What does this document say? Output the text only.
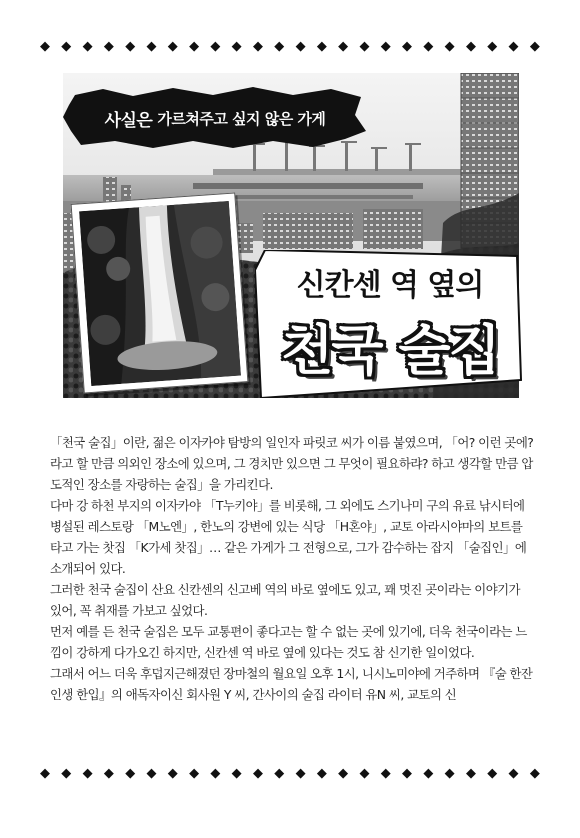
◆ ◆ ◆ ◆ ◆ ◆ ◆ ◆ ◆ ◆ ◆ ◆ ◆ ◆ ◆ ◆ ◆ ◆ ◆ ◆ ◆ ◆ ◆ ◆
사실은 가르쳐주고 싶지 않은 가게
신칸센 역 옆의
천국 술집

「천국 술집」이란, 젊은 이자카야 탐방의 일인자 파릿코 씨가 이름 붙였으며, 「어? 이런 곳에? 라고 할 만큼 의외인 장소에 있으며, 그 경치만 있으면 그 무엇이 필요하랴? 하고 생각할 만큼 압도적인 장소를 자랑하는 술집」을 가리킨다.

다마 강 하천 부지의 이자카야 「T누키야」를 비롯해, 그 외에도 스기나미 구의 유료 낚시터에 병설된 레스토랑 「M노엔」, 한노의 강변에 있는 식당 「H혼야」, 교토 아라시야마의 보트를 타고 가는 찻집 「K가세 찻집」… 같은 가게가 그 전형으로, 그가 감수하는 잡지 「술집인」에 소개되어 있다.

그러한 천국 술집이 산요 신칸센의 신고베 역의 바로 옆에도 있고, 꽤 멋진 곳이라는 이야기가 있어, 꼭 취재를 가보고 싶었다.

먼저 예를 든 천국 술집은 모두 교통편이 좋다고는 할 수 없는 곳에 있기에, 더욱 천국이라는 느낌이 강하게 다가오긴 하지만, 신칸센 역 바로 옆에 있다는 것도 참 신기한 일이었다.

그래서 어느 더욱 후덥지근해졌던 장마철의 월요일 오후 1시, 니시노미야에 거주하며 『술 한잔 인생 한입』의 애독자이신 회사원 Y 씨, 간사이의 술집 라이터 유N 씨, 교토의 신

◆ ◆ ◆ ◆ ◆ ◆ ◆ ◆ ◆ ◆ ◆ ◆ ◆ ◆ ◆ ◆ ◆ ◆ ◆ ◆ ◆ ◆ ◆ ◆
